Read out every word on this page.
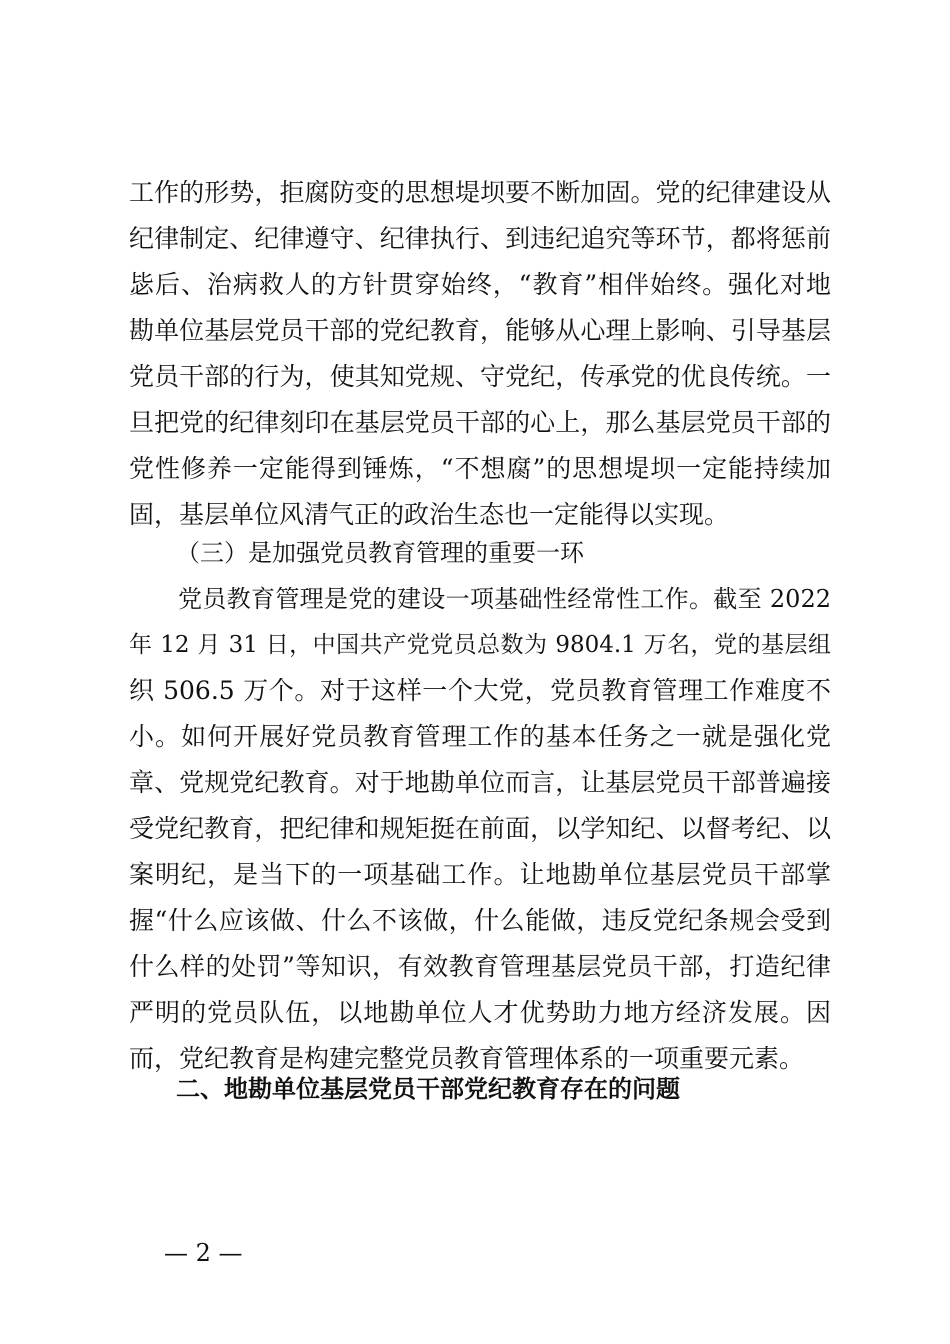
工作的形势，拒腐防变的思想堤坝要不断加固。党的纪律建设从
纪律制定、纪律遵守、纪律执行、到违纪追究等环节，都将惩前
毖后、治病救人的方针贯穿始终，“教育”相伴始终。强化对地
勘单位基层党员干部的党纪教育，能够从心理上影响、引导基层
党员干部的行为，使其知党规、守党纪，传承党的优良传统。一
旦把党的纪律刻印在基层党员干部的心上，那么基层党员干部的
党性修养一定能得到锤炼，“不想腐”的思想堤坝一定能持续加
固，基层单位风清气正的政治生态也一定能得以实现。
（三）是加强党员教育管理的重要一环
党员教育管理是党的建设一项基础性经常性工作。截至 2022
年 12 月 31 日，中国共产党党员总数为 9804.1 万名，党的基层组
织 506.5 万个。对于这样一个大党，党员教育管理工作难度不
小。如何开展好党员教育管理工作的基本任务之一就是强化党
章、党规党纪教育。对于地勘单位而言，让基层党员干部普遍接
受党纪教育，把纪律和规矩挺在前面，以学知纪、以督考纪、以
案明纪，是当下的一项基础工作。让地勘单位基层党员干部掌
握“什么应该做、什么不该做，什么能做，违反党纪条规会受到
什么样的处罚”等知识，有效教育管理基层党员干部，打造纪律
严明的党员队伍，以地勘单位人才优势助力地方经济发展。因
而，党纪教育是构建完整党员教育管理体系的一项重要元素。
二、地勘单位基层党员干部党纪教育存在的问题
— 2 —
